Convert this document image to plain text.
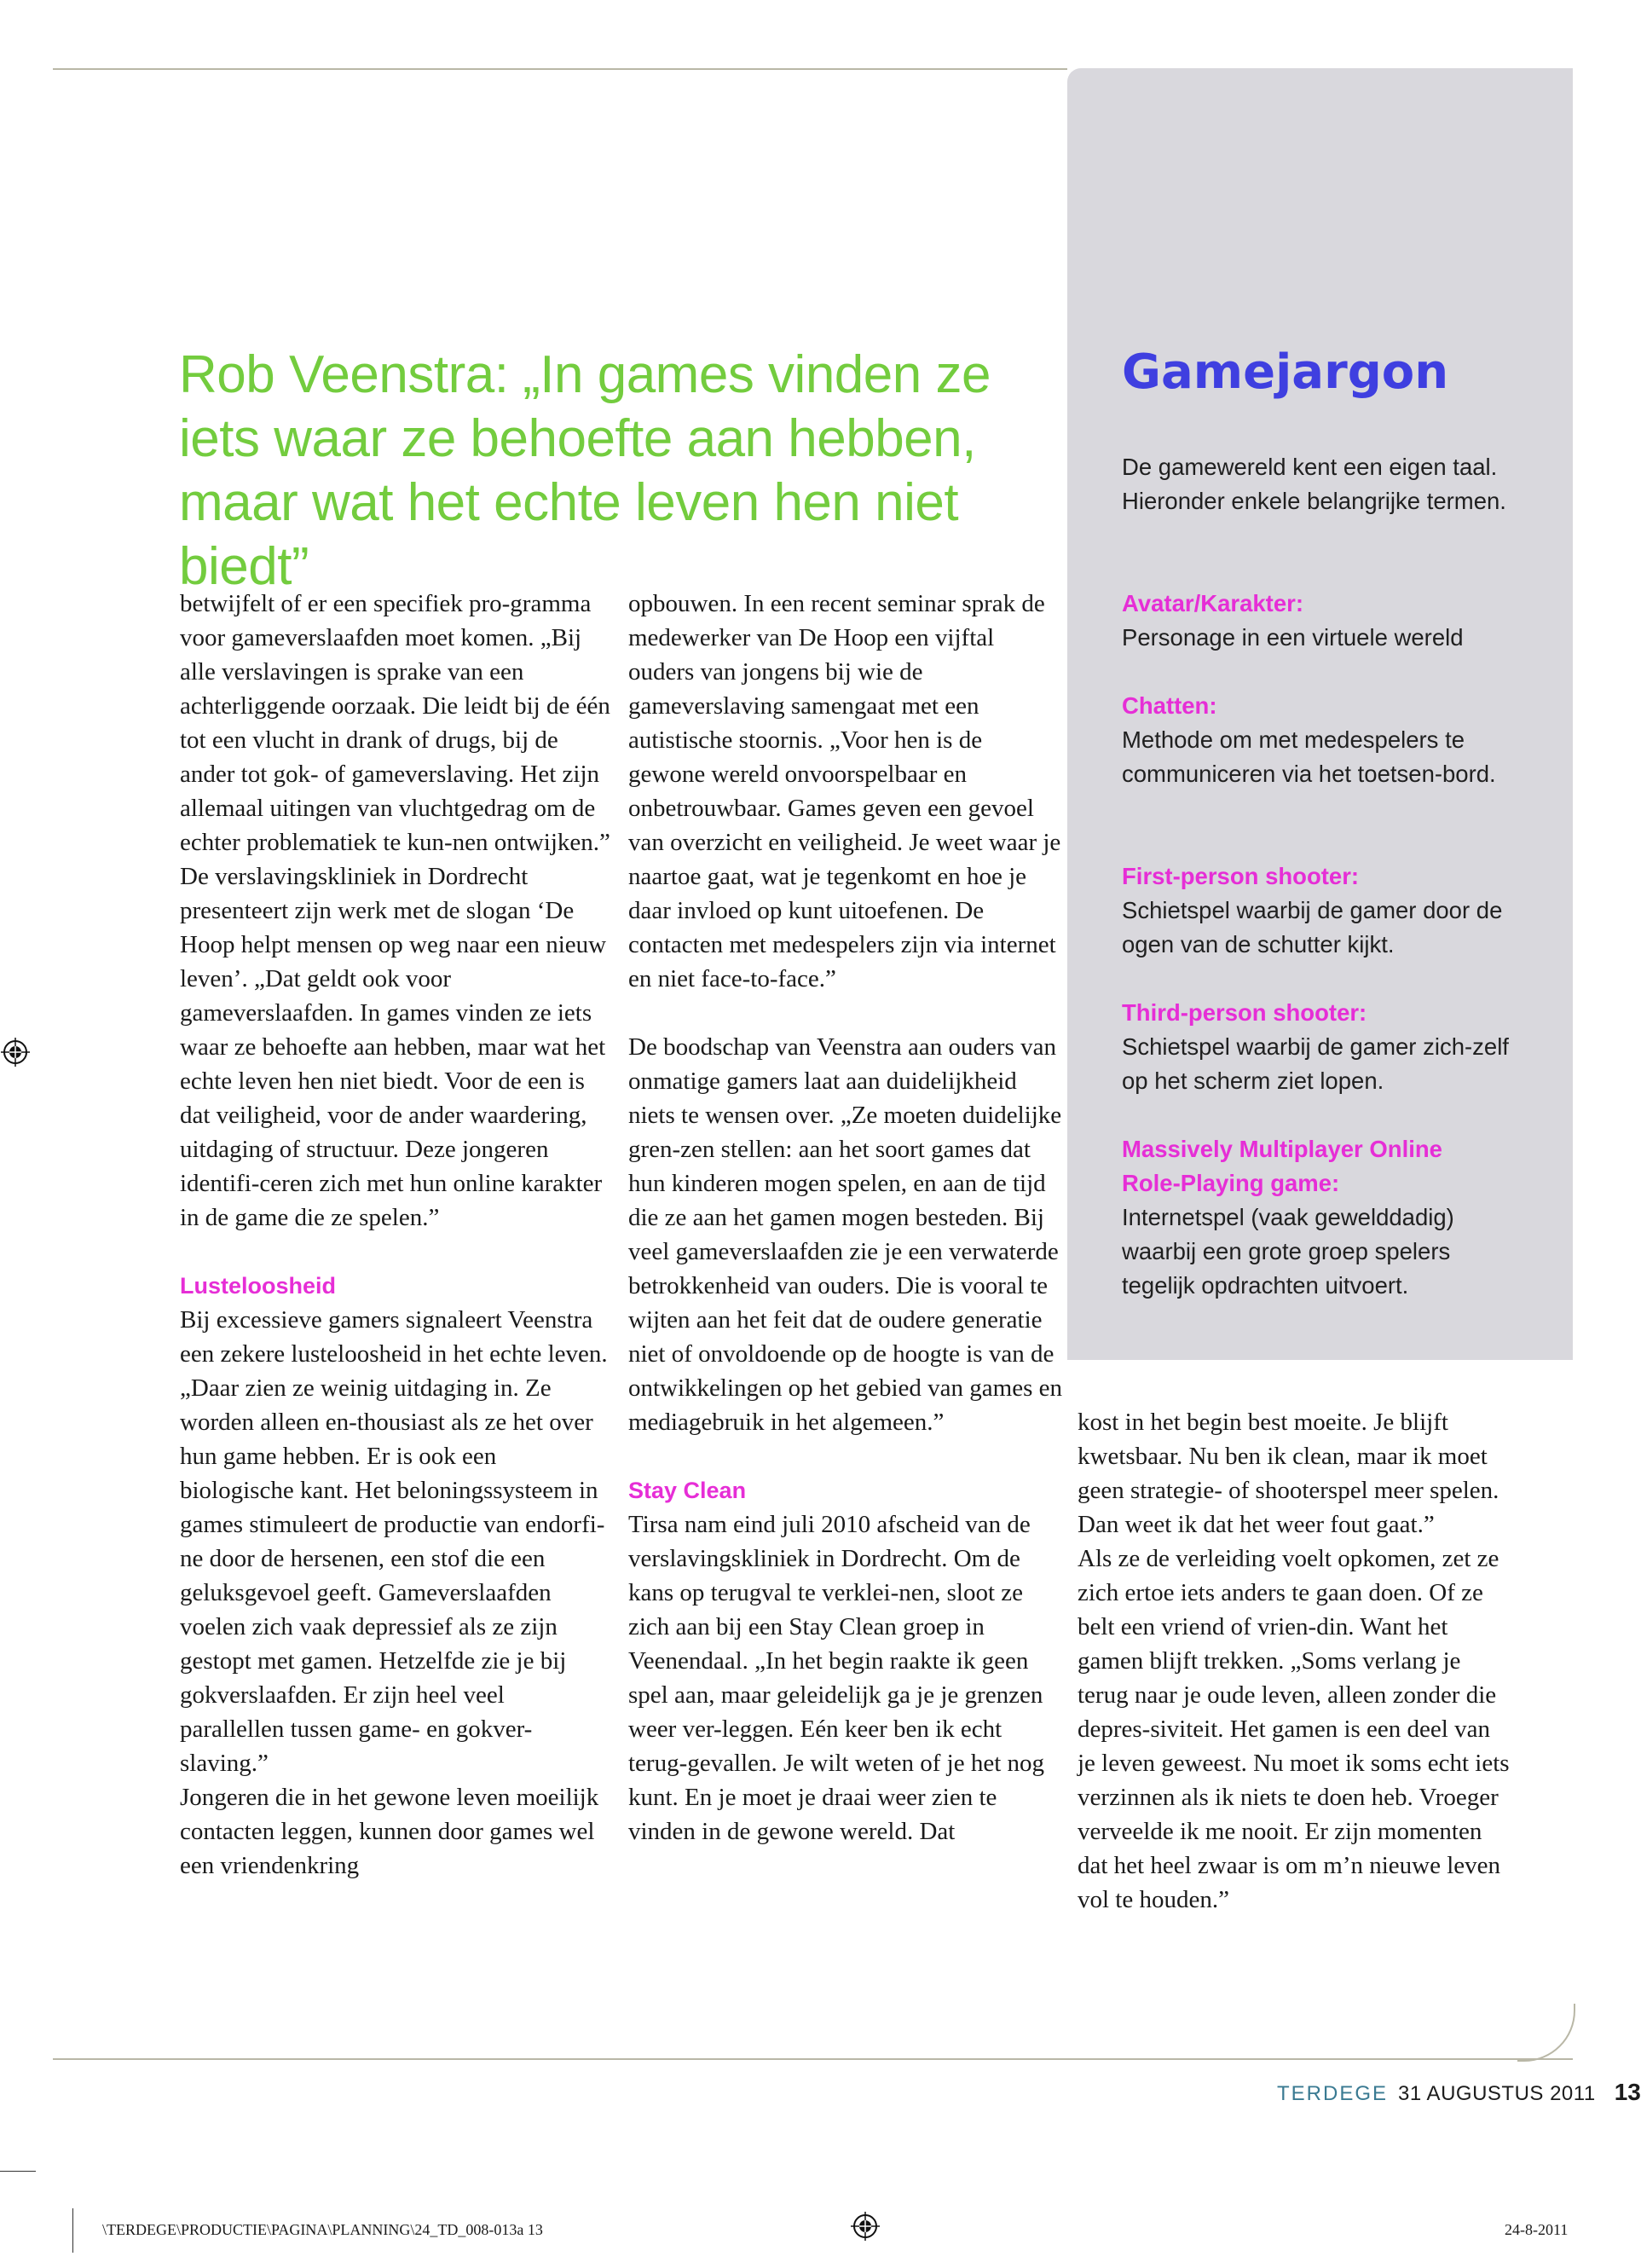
Rob Veenstra: „In games vinden ze iets waar ze behoefte aan hebben, maar wat het echte leven hen niet biedt”

Gamejargon

De gamewereld kent een eigen taal. Hieronder enkele belangrijke termen.

Avatar/Karakter:
Personage in een virtuele wereld
Chatten:
Methode om met medespelers te communiceren via het toetsen-bord.
First-person shooter:
Schietspel waarbij de gamer door de ogen van de schutter kijkt.
Third-person shooter:
Schietspel waarbij de gamer zich-zelf op het scherm ziet lopen.
Massively Multiplayer Online Role-Playing game:
Internetspel (vaak gewelddadig) waarbij een grote groep spelers tegelijk opdrachten uitvoert.

betwijfelt of er een specifiek pro-gramma voor gameverslaafden moet komen. „Bij alle verslavingen is sprake van een achterliggende oorzaak. Die leidt bij de één tot een vlucht in drank of drugs, bij de ander tot gok- of gameverslaving. Het zijn allemaal uitingen van vluchtgedrag om de echter problematiek te kun-nen ontwijken.”

De verslavingskliniek in Dordrecht presenteert zijn werk met de slogan ‘De Hoop helpt mensen op weg naar een nieuw leven’. „Dat geldt ook voor gameverslaafden. In games vinden ze iets waar ze behoefte aan hebben, maar wat het echte leven hen niet biedt. Voor de een is dat veiligheid, voor de ander waardering, uitdaging of structuur. Deze jongeren identifi-ceren zich met hun online karakter in de game die ze spelen.”

Lusteloosheid

Bij excessieve gamers signaleert Veenstra een zekere lusteloosheid in het echte leven. „Daar zien ze weinig uitdaging in. Ze worden alleen en-thousiast als ze het over hun game hebben. Er is ook een biologische kant. Het beloningssysteem in games stimuleert de productie van endorfi-ne door de hersenen, een stof die een geluksgevoel geeft. Gameverslaafden voelen zich vaak depressief als ze zijn gestopt met gamen. Hetzelfde zie je bij gokverslaafden. Er zijn heel veel parallellen tussen game- en gokver-slaving.”

Jongeren die in het gewone leven moeilijk contacten leggen, kunnen door games wel een vriendenkring

opbouwen. In een recent seminar sprak de medewerker van De Hoop een vijftal ouders van jongens bij wie de gameverslaving samengaat met een autistische stoornis. „Voor hen is de gewone wereld onvoorspelbaar en onbetrouwbaar. Games geven een gevoel van overzicht en veiligheid. Je weet waar je naartoe gaat, wat je tegenkomt en hoe je daar invloed op kunt uitoefenen. De contacten met medespelers zijn via internet en niet face-to-face.”

De boodschap van Veenstra aan ouders van onmatige gamers laat aan duidelijkheid niets te wensen over. „Ze moeten duidelijke gren-zen stellen: aan het soort games dat hun kinderen mogen spelen, en aan de tijd die ze aan het gamen mogen besteden. Bij veel gameverslaafden zie je een verwaterde betrokkenheid van ouders. Die is vooral te wijten aan het feit dat de oudere generatie niet of onvoldoende op de hoogte is van de ontwikkelingen op het gebied van games en mediagebruik in het algemeen.”

Stay Clean

Tirsa nam eind juli 2010 afscheid van de verslavingskliniek in Dordrecht. Om de kans op terugval te verklei-nen, sloot ze zich aan bij een Stay Clean groep in Veenendaal. „In het begin raakte ik geen spel aan, maar geleidelijk ga je je grenzen weer ver-leggen. Eén keer ben ik echt terug-gevallen. Je wilt weten of je het nog kunt. En je moet je draai weer zien te vinden in de gewone wereld. Dat

kost in het begin best moeite. Je blijft kwetsbaar. Nu ben ik clean, maar ik moet geen strategie- of shooterspel meer spelen. Dan weet ik dat het weer fout gaat.”

Als ze de verleiding voelt opkomen, zet ze zich ertoe iets anders te gaan doen. Of ze belt een vriend of vrien-din. Want het gamen blijft trekken. „Soms verlang je terug naar je oude leven, alleen zonder die depres-siviteit. Het gamen is een deel van je leven geweest. Nu moet ik soms echt iets verzinnen als ik niets te doen heb. Vroeger verveelde ik me nooit. Er zijn momenten dat het heel zwaar is om m’n nieuwe leven vol te houden.”

TERDEGE 31 AUGUSTUS 2011 13
\TERDEGE\PRODUCTIE\PAGINA\PLANNING\24_TD_008-013a 13	24-8-2011
